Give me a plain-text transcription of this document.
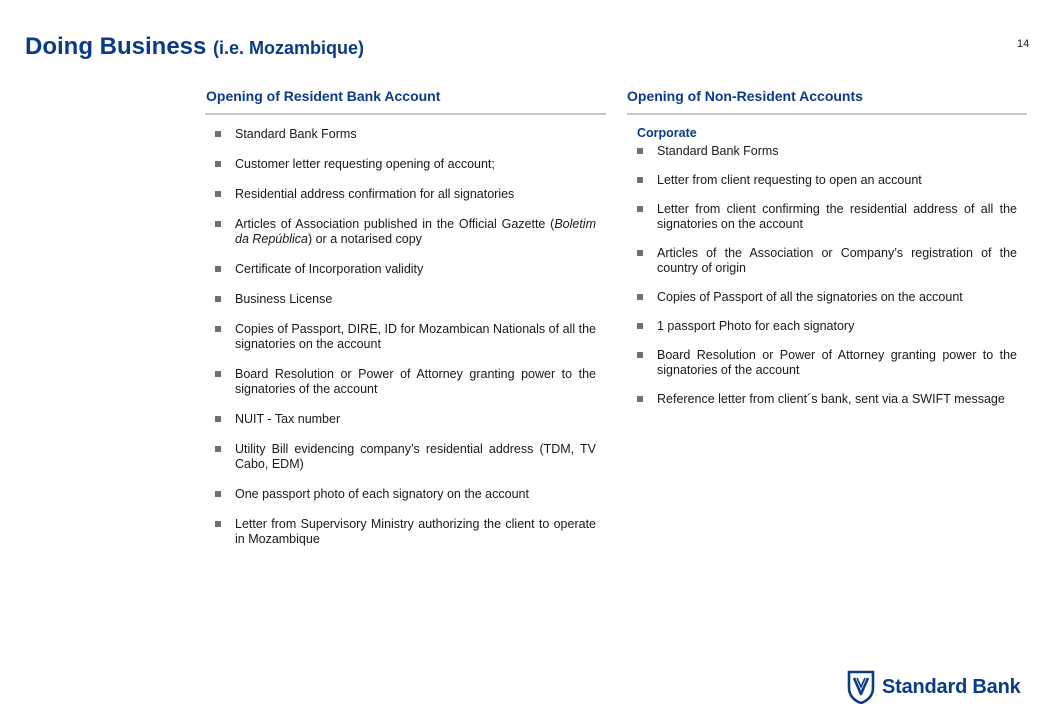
Doing Business (i.e. Mozambique)	14
Opening of Resident Bank Account
Standard Bank Forms
Customer letter requesting opening of account;
Residential address confirmation for all signatories
Articles of Association published in the Official Gazette (Boletim da República) or a notarised copy
Certificate of Incorporation validity
Business License
Copies of Passport, DIRE, ID for Mozambican Nationals of all the signatories on the account
Board Resolution or Power of Attorney granting power to the signatories of the account
NUIT - Tax number
Utility Bill evidencing company’s residential address (TDM, TV Cabo, EDM)
One passport photo of each signatory on the account
Letter from Supervisory Ministry authorizing the client to operate in Mozambique
Opening of Non-Resident Accounts
Corporate
Standard Bank Forms
Letter from client requesting to open an account
Letter from client confirming the residential address of all the signatories on the account
Articles of the Association or Company’s registration of the country of origin
Copies of Passport of all the signatories on the account
1 passport Photo for each signatory
Board Resolution or Power of Attorney granting power to the signatories of the account
Reference letter from client´s bank, sent via a SWIFT message
Standard Bank
